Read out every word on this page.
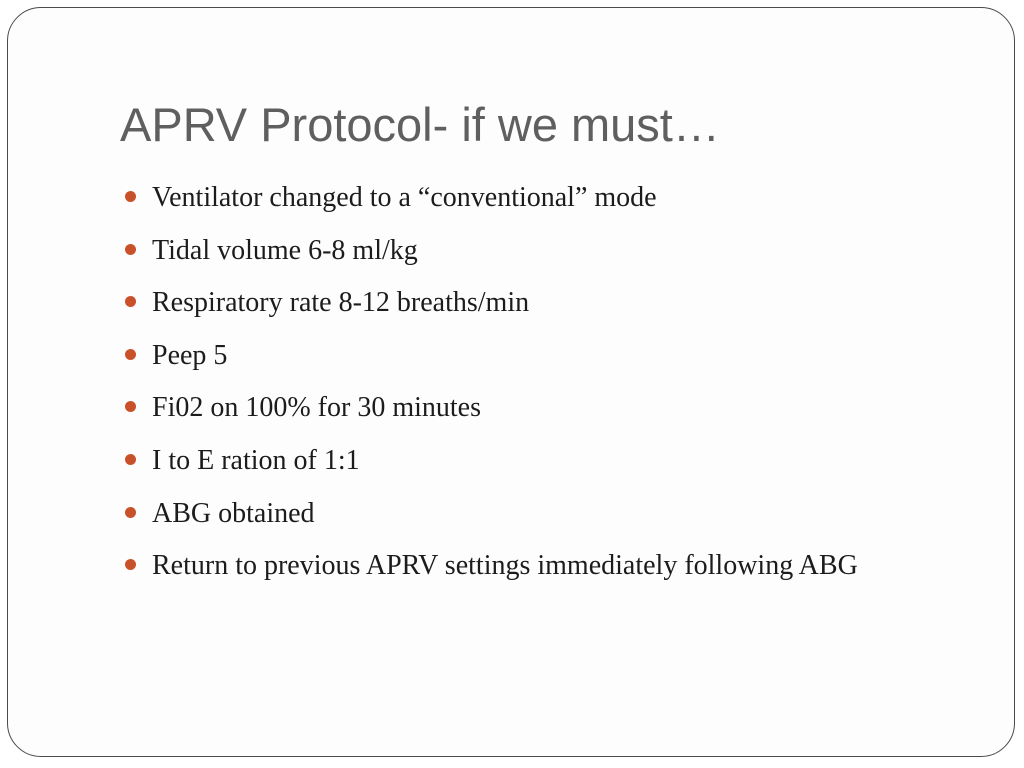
APRV Protocol- if we must…
Ventilator changed to a “conventional” mode
Tidal volume 6-8 ml/kg
Respiratory rate 8-12 breaths/min
Peep 5
Fi02 on 100% for 30 minutes
I to E ration of 1:1
ABG obtained
Return to previous APRV settings immediately following ABG
